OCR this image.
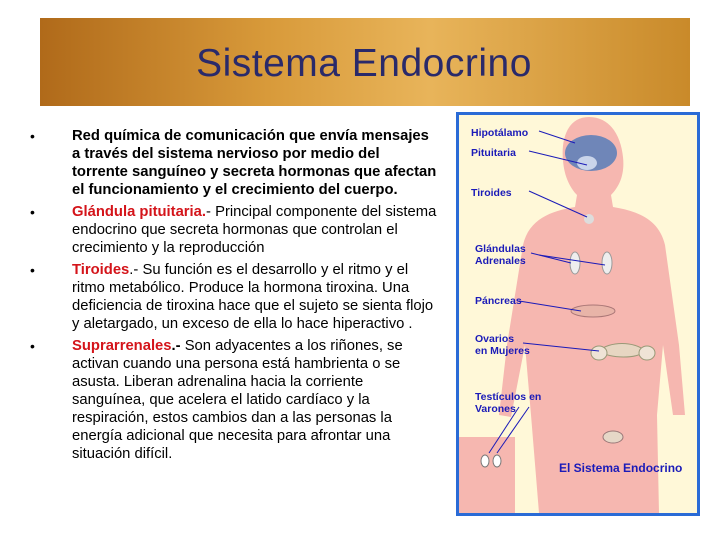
Sistema Endocrino
•	Red química de comunicación que envía mensajes a través del sistema nervioso por medio del torrente sanguíneo y secreta hormonas que afectan el funcionamiento y el crecimiento del cuerpo.
•	Glándula pituitaria.- Principal componente del sistema endocrino que secreta hormonas que controlan el crecimiento y la reproducción
•	Tiroides.- Su función es el desarrollo y el ritmo y el ritmo metabólico. Produce la hormona tiroxina. Una deficiencia de tiroxina hace que el sujeto se sienta flojo y aletargado, un exceso de ella lo hace hiperactivo .
•	Suprarrenales.- Son adyacentes a los riñones, se activan cuando una persona está hambrienta o se asusta. Liberan adrenalina hacia la corriente sanguínea, que acelera el latido cardíaco y la respiración, estos cambios dan a las personas la energía adicional que necesita para afrontar una situación difícil.
Hipotálamo
Pituitaria
Tiroides
Glándulas
Adrenales
Páncreas
Ovarios
en Mujeres
Testículos en
Varones
El Sistema Endocrino
